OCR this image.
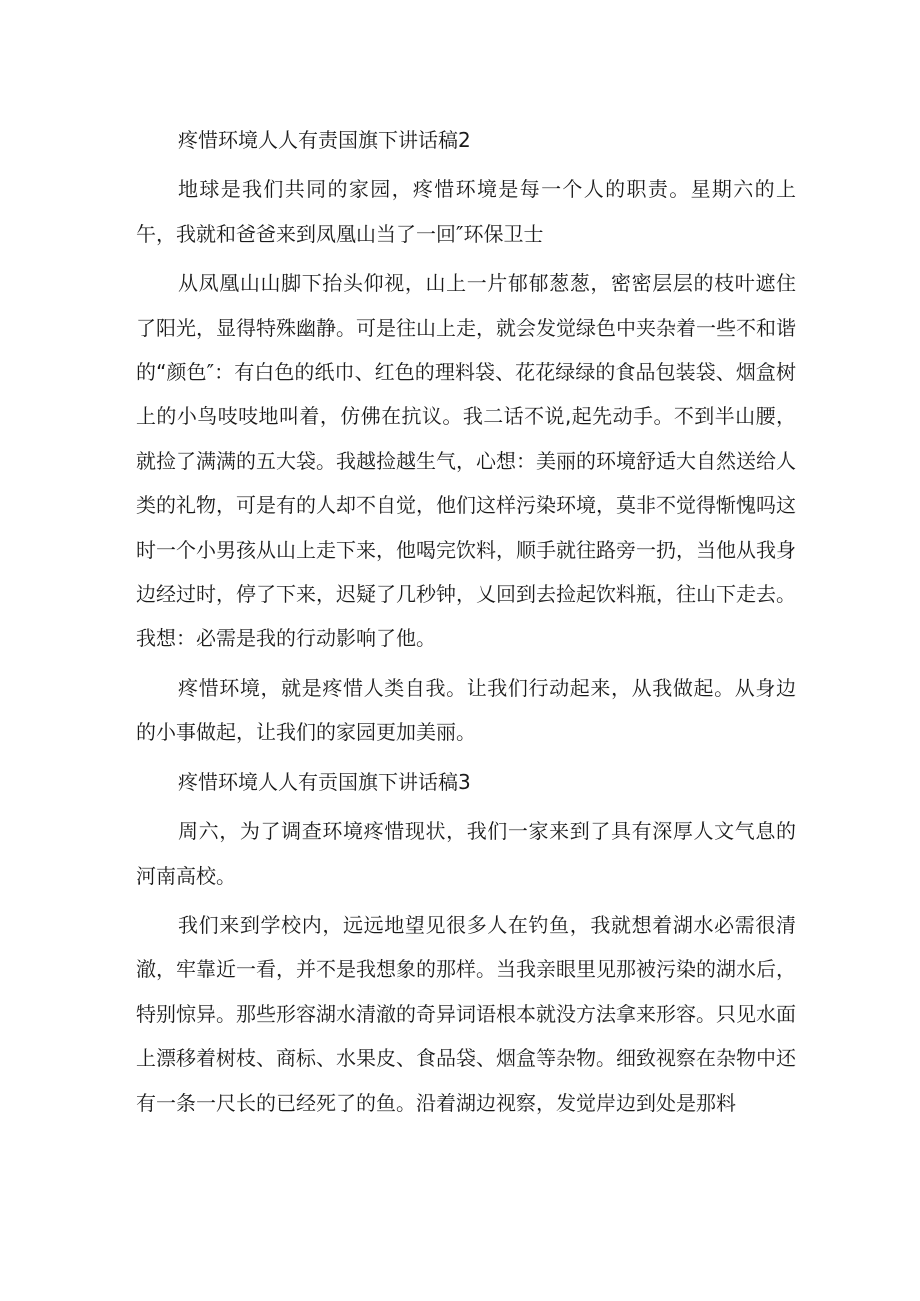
疼惜环境人人有责国旗下讲话稿2

地球是我们共同的家园，疼惜环境是每一个人的职责。星期六的上午，我就和爸爸来到凤凰山当了一回″环保卫士

从凤凰山山脚下抬头仰视，山上一片郁郁葱葱，密密层层的枝叶遮住了阳光，显得特殊幽静。可是往山上走，就会发觉绿色中夹杂着一些不和谐的“颜色″：有白色的纸巾、红色的理料袋、花花绿绿的食品包装袋、烟盒树上的小鸟吱吱地叫着，仿佛在抗议。我二话不说,起先动手。不到半山腰，就捡了满满的五大袋。我越捡越生气，心想：美丽的环境舒适大自然送给人类的礼物，可是有的人却不自觉，他们这样污染环境，莫非不觉得惭愧吗这时一个小男孩从山上走下来，他喝完饮料，顺手就往路旁一扔，当他从我身边经过时，停了下来，迟疑了几秒钟，乂回到去捡起饮料瓶，往山下走去。我想：必需是我的行动影响了他。

疼惜环境，就是疼惜人类自我。让我们行动起来，从我做起。从身边的小事做起，让我们的家园更加美丽。

疼惜环境人人有贡国旗下讲话稿3

周六，为了调查环境疼惜现状，我们一家来到了具有深厚人文气息的河南高校。

我们来到学校内，远远地望见很多人在钓鱼，我就想着湖水必需很清澈，牢靠近一看，并不是我想象的那样。当我亲眼里见那被污染的湖水后，特别惊异。那些形容湖水清澈的奇异词语根本就没方法拿来形容。只见水面上漂移着树枝、商标、水果皮、食品袋、烟盒等杂物。细致视察在杂物中还有一条一尺长的已经死了的鱼。沿着湖边视察，发觉岸边到处是那料
